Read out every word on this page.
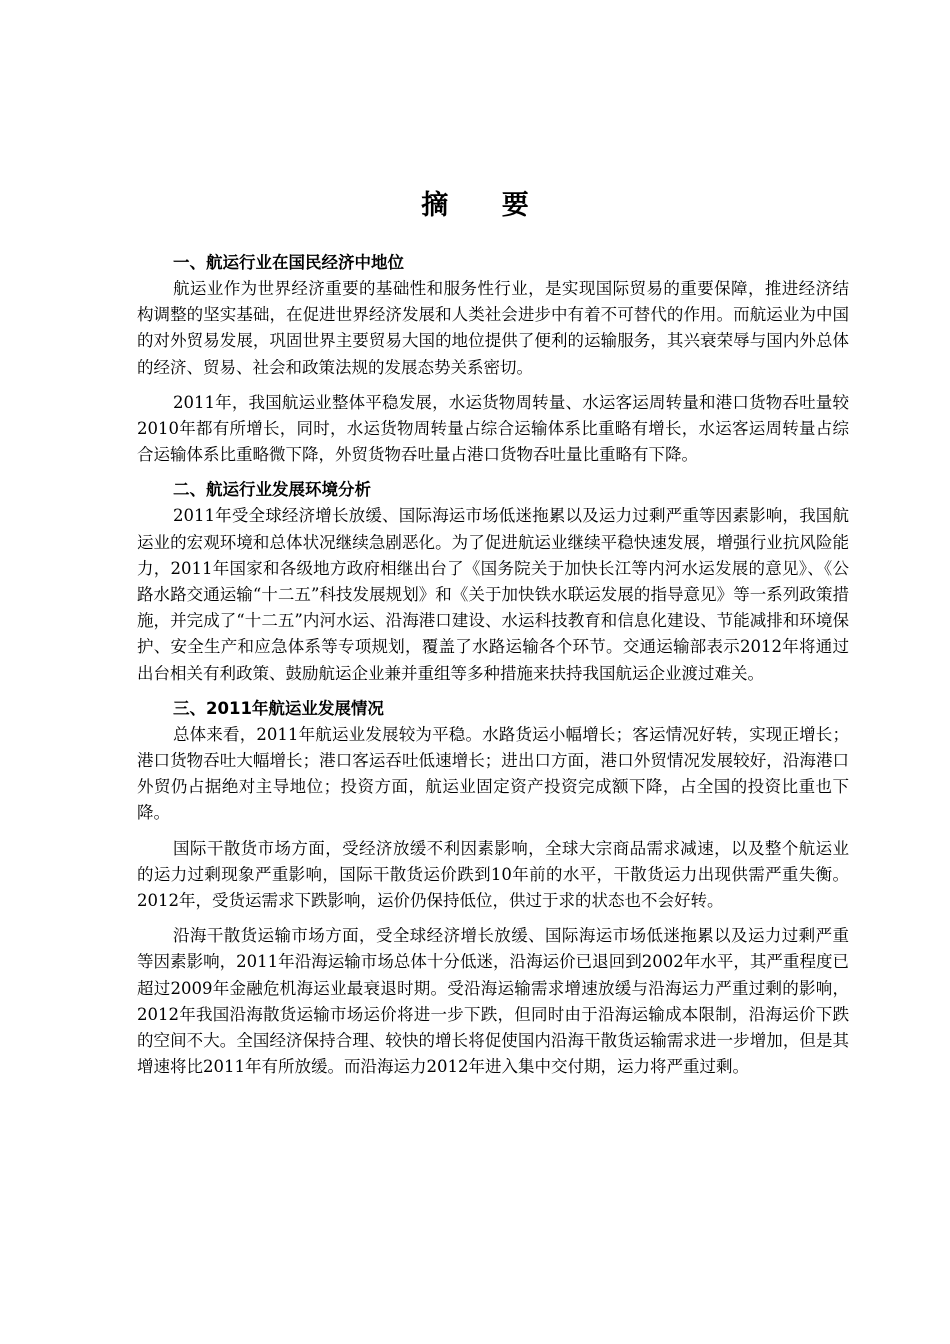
摘 要
一、航运行业在国民经济中地位

航运业作为世界经济重要的基础性和服务性行业，是实现国际贸易的重要保障，推进经济结构调整的坚实基础，在促进世界经济发展和人类社会进步中有着不可替代的作用。而航运业为中国的对外贸易发展，巩固世界主要贸易大国的地位提供了便利的运输服务，其兴衰荣辱与国内外总体的经济、贸易、社会和政策法规的发展态势关系密切。

2011年，我国航运业整体平稳发展，水运货物周转量、水运客运周转量和港口货物吞吐量较2010年都有所增长，同时，水运货物周转量占综合运输体系比重略有增长，水运客运周转量占综合运输体系比重略微下降，外贸货物吞吐量占港口货物吞吐量比重略有下降。

二、航运行业发展环境分析

2011年受全球经济增长放缓、国际海运市场低迷拖累以及运力过剩严重等因素影响，我国航运业的宏观环境和总体状况继续急剧恶化。为了促进航运业继续平稳快速发展，增强行业抗风险能力，2011年国家和各级地方政府相继出台了《国务院关于加快长江等内河水运发展的意见》、《公路水路交通运输“十二五”科技发展规划》和《关于加快铁水联运发展的指导意见》等一系列政策措施，并完成了“十二五”内河水运、沿海港口建设、水运科技教育和信息化建设、节能减排和环境保护、安全生产和应急体系等专项规划，覆盖了水路运输各个环节。交通运输部表示2012年将通过出台相关有利政策、鼓励航运企业兼并重组等多种措施来扶持我国航运企业渡过难关。

三、2011年航运业发展情况

总体来看，2011年航运业发展较为平稳。水路货运小幅增长；客运情况好转，实现正增长；港口货物吞吐大幅增长；港口客运吞吐低速增长；进出口方面，港口外贸情况发展较好，沿海港口外贸仍占据绝对主导地位；投资方面，航运业固定资产投资完成额下降，占全国的投资比重也下降。

国际干散货市场方面，受经济放缓不利因素影响，全球大宗商品需求减速，以及整个航运业的运力过剩现象严重影响，国际干散货运价跌到10年前的水平，干散货运力出现供需严重失衡。2012年，受货运需求下跌影响，运价仍保持低位，供过于求的状态也不会好转。

沿海干散货运输市场方面，受全球经济增长放缓、国际海运市场低迷拖累以及运力过剩严重等因素影响，2011年沿海运输市场总体十分低迷，沿海运价已退回到2002年水平，其严重程度已超过2009年金融危机海运业最衰退时期。受沿海运输需求增速放缓与沿海运力严重过剩的影响，2012年我国沿海散货运输市场运价将进一步下跌，但同时由于沿海运输成本限制，沿海运价下跌的空间不大。全国经济保持合理、较快的增长将促使国内沿海干散货运输需求进一步增加，但是其增速将比2011年有所放缓。而沿海运力2012年进入集中交付期，运力将严重过剩。
